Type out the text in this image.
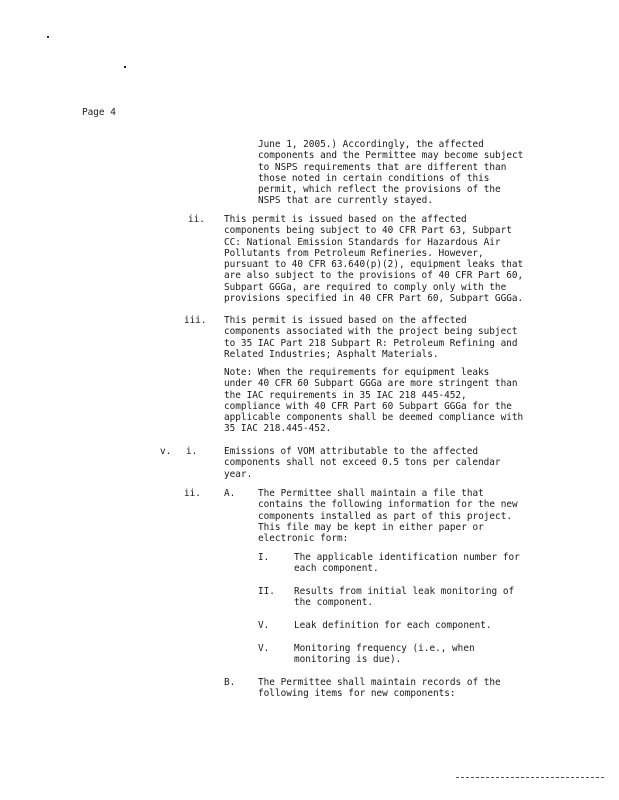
Page 4

June 1, 2005.) Accordingly, the affected
components and the Permittee may become subject
to NSPS requirements that are different than
those noted in certain conditions of this
permit, which reflect the provisions of the
NSPS that are currently stayed.

ii. This permit is issued based on the affected
components being subject to 40 CFR Part 63, Subpart
CC: National Emission Standards for Hazardous Air
Pollutants from Petroleum Refineries. However,
pursuant to 40 CFR 63.640(p)(2), equipment leaks that
are also subject to the provisions of 40 CFR Part 60,
Subpart GGGa, are required to comply only with the
provisions specified in 40 CFR Part 60, Subpart GGGa.

iii. This permit is issued based on the affected
components associated with the project being subject
to 35 IAC Part 218 Subpart R: Petroleum Refining and
Related Industries; Asphalt Materials.

Note: When the requirements for equipment leaks
under 40 CFR 60 Subpart GGGa are more stringent than
the IAC requirements in 35 IAC 218 445-452,
compliance with 40 CFR Part 60 Subpart GGGa for the
applicable components shall be deemed compliance with
35 IAC 218.445-452.

v. i.	Emissions of VOM attributable to the affected
components shall not exceed 0.5 tons per calendar
year.

ii. A. The Permittee shall maintain a file that
contains the following information for the new
components installed as part of this project.
This file may be kept in either paper or
electronic form:

I.	The applicable identification number for
each component.

II. Results from initial leak monitoring of
the component.

V.	Leak definition for each component.

V.	Monitoring frequency (i.e., when
monitoring is due).

B. The Permittee shall maintain records of the
following items for new components:
